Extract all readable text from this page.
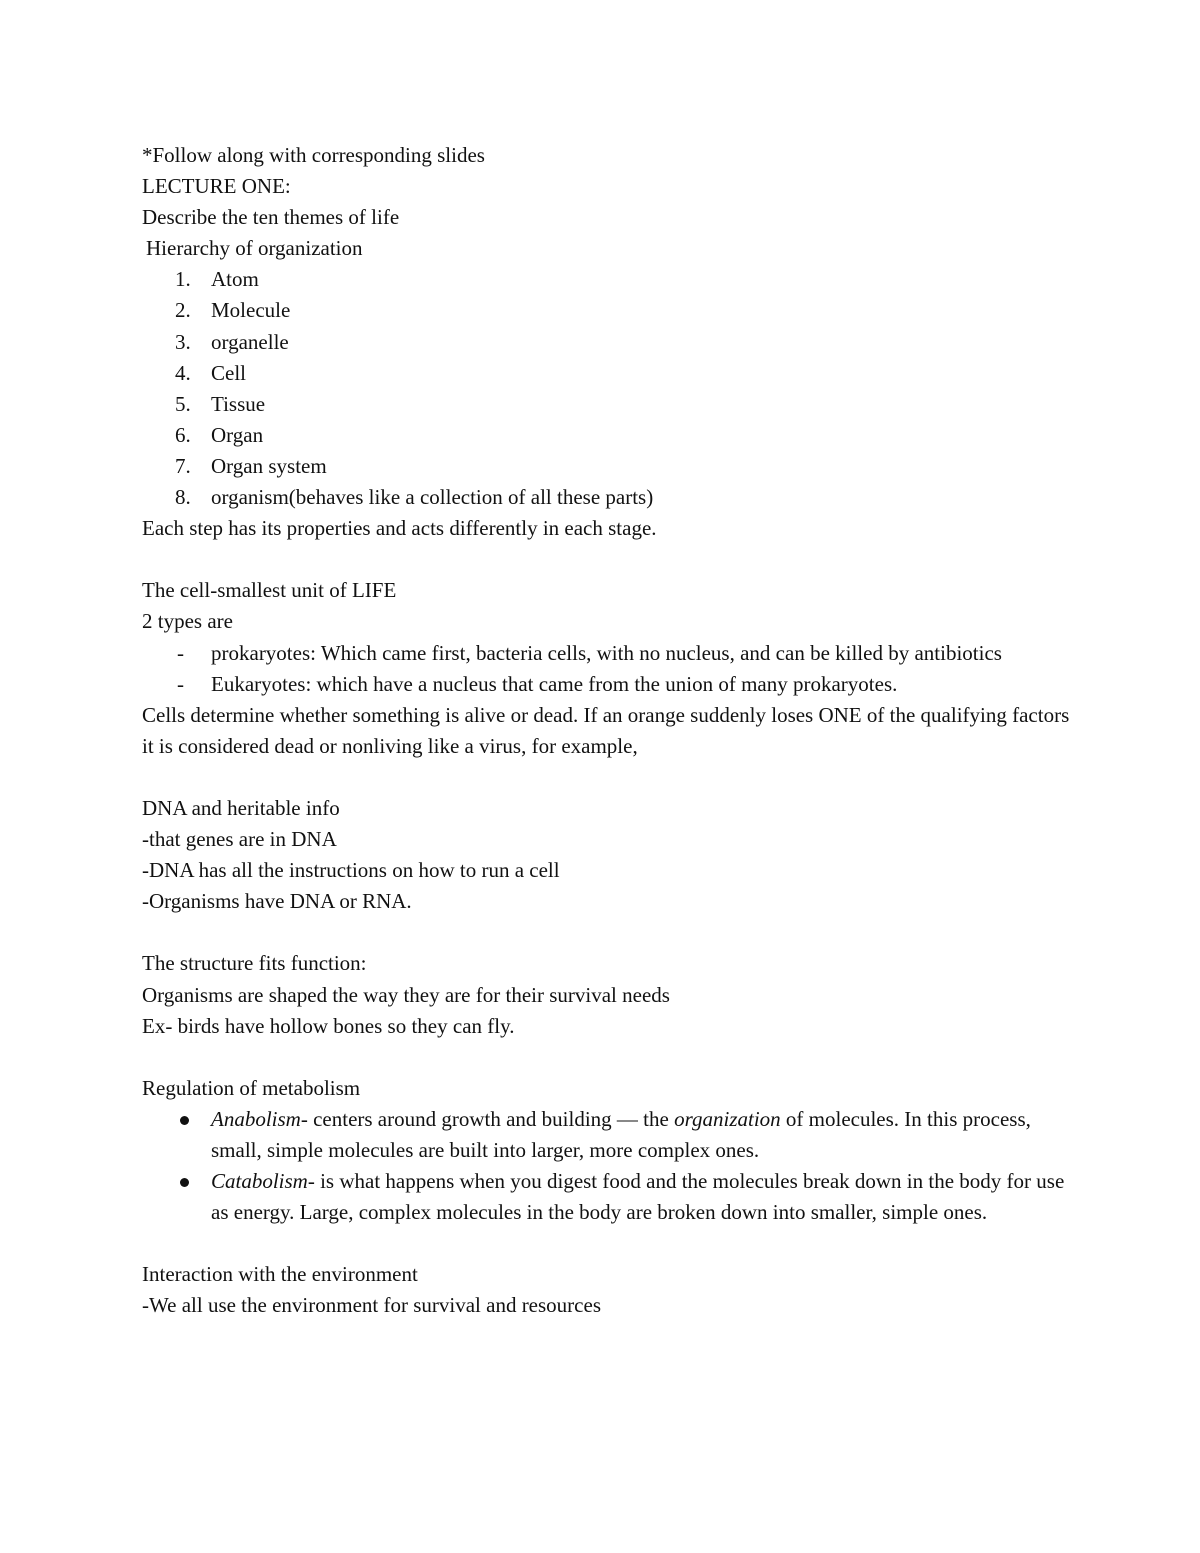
*Follow along with corresponding slides

LECTURE ONE:

Describe the ten themes of life

Hierarchy of organization

1. Atom

2. Molecule

3. organelle

4. Cell

5. Tissue

6. Organ

7. Organ system

8. organism(behaves like a collection of all these parts)

Each step has its properties and acts differently in each stage.

The cell-smallest unit of LIFE

2 types are

- prokaryotes: Which came first, bacteria cells, with no nucleus, and can be killed by antibiotics

- Eukaryotes: which have a nucleus that came from the union of many prokaryotes.

Cells determine whether something is alive or dead. If an orange suddenly loses ONE of the qualifying factors it is considered dead or nonliving like a virus, for example,

DNA and heritable info

-that genes are in DNA

-DNA has all the instructions on how to run a cell

-Organisms have DNA or RNA.

The structure fits function:

Organisms are shaped the way they are for their survival needs

Ex- birds have hollow bones so they can fly.

Regulation of metabolism

Anabolism- centers around growth and building — the organization of molecules. In this process, small, simple molecules are built into larger, more complex ones.

Catabolism- is what happens when you digest food and the molecules break down in the body for use as energy. Large, complex molecules in the body are broken down into smaller, simple ones.

Interaction with the environment

-We all use the environment for survival and resources
